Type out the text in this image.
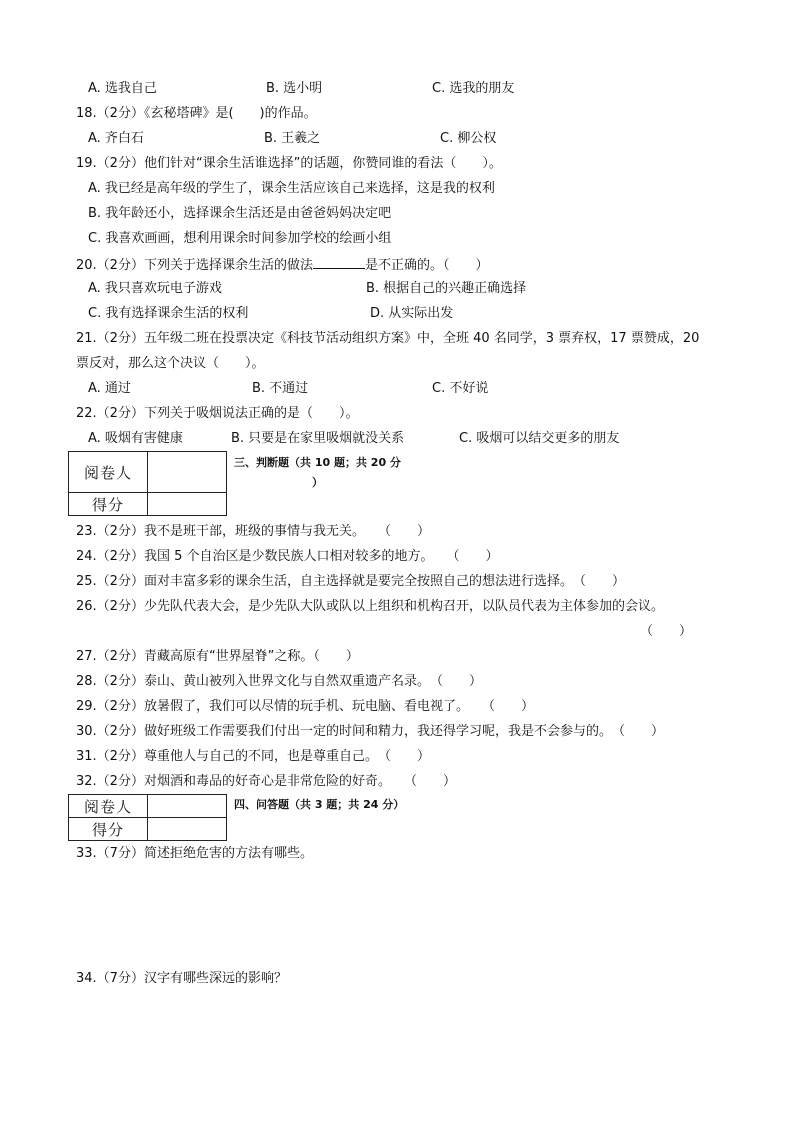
A. 选我自己	B. 选小明	C. 选我的朋友
18.（2分）《玄秘塔碑》是(　　)的作品。
A. 齐白石	B. 王羲之	C. 柳公权
19.（2分）他们针对“课余生活谁选择”的话题，你赞同谁的看法（　　）。
A. 我已经是高年级的学生了，课余生活应该自己来选择，这是我的权利
B. 我年龄还小，选择课余生活还是由爸爸妈妈决定吧
C. 我喜欢画画，想利用课余时间参加学校的绘画小组
20.（2分）下列关于选择课余生活的做法	是不正确的。（　　）
A. 我只喜欢玩电子游戏	B. 根据自己的兴趣正确选择
C. 我有选择课余生活的权利	D. 从实际出发
21.（2分）五年级二班在投票决定《科技节活动组织方案》中，全班 40 名同学，3 票弃权，17 票赞成，20
票反对，那么这个决议（　　）。
A. 通过	B. 不通过	C. 不好说
22.（2分）下列关于吸烟说法正确的是（　　）。
A. 吸烟有害健康	B. 只要是在家里吸烟就没关系	C. 吸烟可以结交更多的朋友
阅卷人	
得分	
三、判断题（共 10 题；共 20 分
）
23.（2分）我不是班干部，班级的事情与我无关。　　（　　）
24.（2分）我国 5 个自治区是少数民族人口相对较多的地方。　　（　　）
25.（2分）面对丰富多彩的课余生活，自主选择就是要完全按照自己的想法进行选择。　（　　）
26.（2分）少先队代表大会，是少先队大队或队以上组织和机构召开，以队员代表为主体参加的会议。
（　　）
27.（2分）青藏高原有“世界屋脊”之称。（　　）
28.（2分）泰山、黄山被列入世界文化与自然双重遗产名录。　（　　）
29.（2分）放暑假了，我们可以尽情的玩手机、玩电脑、看电视了。　　（　　）
30.（2分）做好班级工作需要我们付出一定的时间和精力，我还得学习呢，我是不会参与的。　（　　）
31.（2分）尊重他人与自己的不同，也是尊重自己。　（　　）
32.（2分）对烟酒和毒品的好奇心是非常危险的好奇。　　（　　）
阅卷人	
得分	
四、问答题（共 3 题；共 24 分）
33.（7分）简述拒绝危害的方法有哪些。
34.（7分）汉字有哪些深远的影响？
